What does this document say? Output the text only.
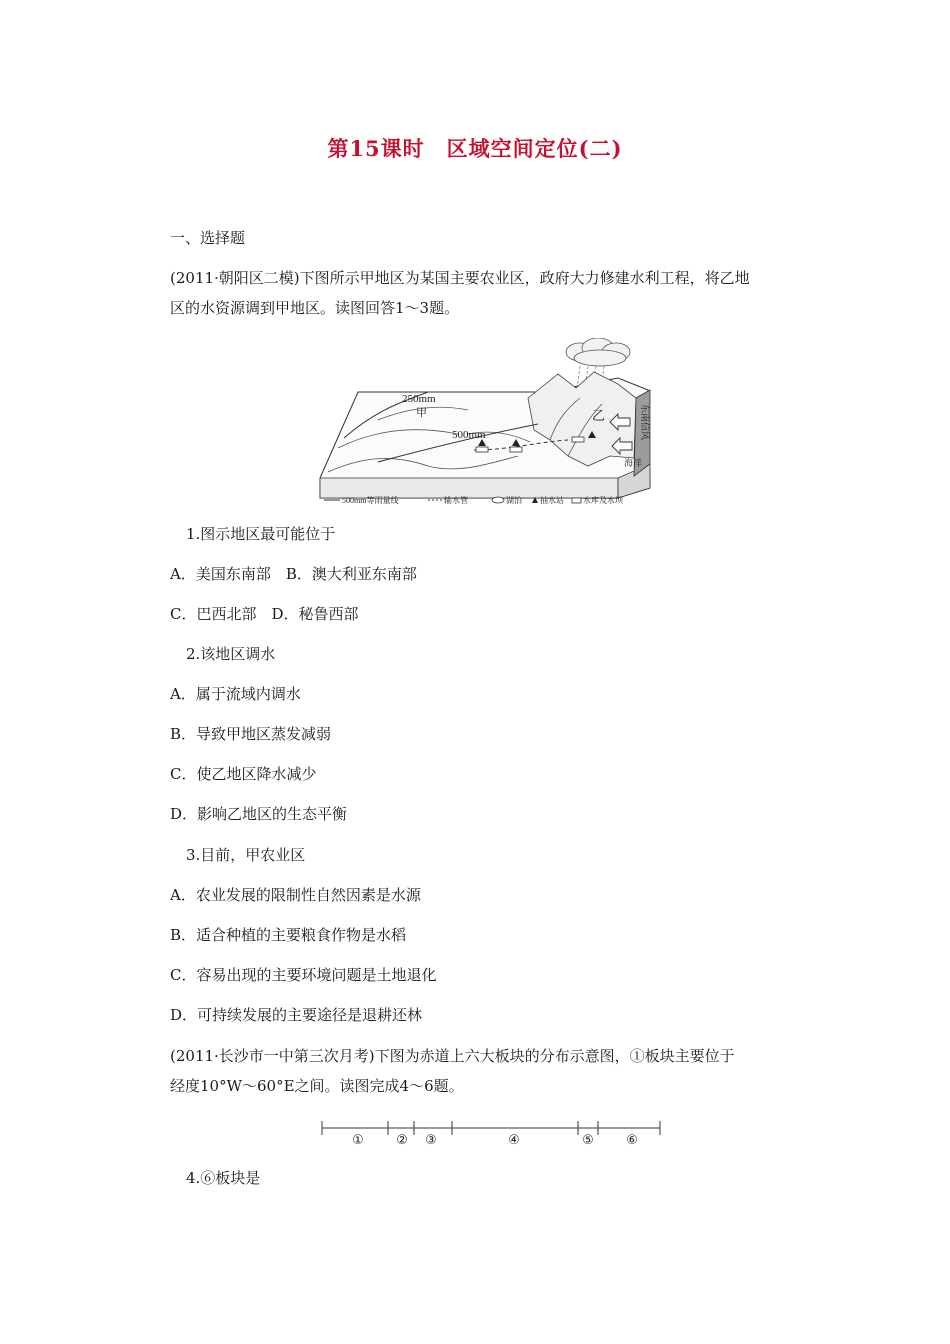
第15课时　区域空间定位(二)
一、选择题
(2011·朝阳区二模)下图所示甲地区为某国主要农业区，政府大力修建水利工程，将乙地
区的水资源调到甲地区。读图回答1～3题。
250mm
甲
500mm
乙	东南信风
海洋
500mm等雨量线	输水管	湖泊 抽水站 水库及水坝
1.图示地区最可能位于
A．美国东南部　B．澳大利亚东南部
C．巴西北部　D．秘鲁西部
2.该地区调水
A．属于流域内调水
B．导致甲地区蒸发减弱
C．使乙地区降水减少
D．影响乙地区的生态平衡
3.目前，甲农业区
A．农业发展的限制性自然因素是水源
B．适合种植的主要粮食作物是水稻
C．容易出现的主要环境问题是土地退化
D．可持续发展的主要途径是退耕还林
(2011·长沙市一中第三次月考)下图为赤道上六大板块的分布示意图，①板块主要位于
经度10°W～60°E之间。读图完成4～6题。
① ② ③	④	⑤ ⑥
4.⑥板块是
